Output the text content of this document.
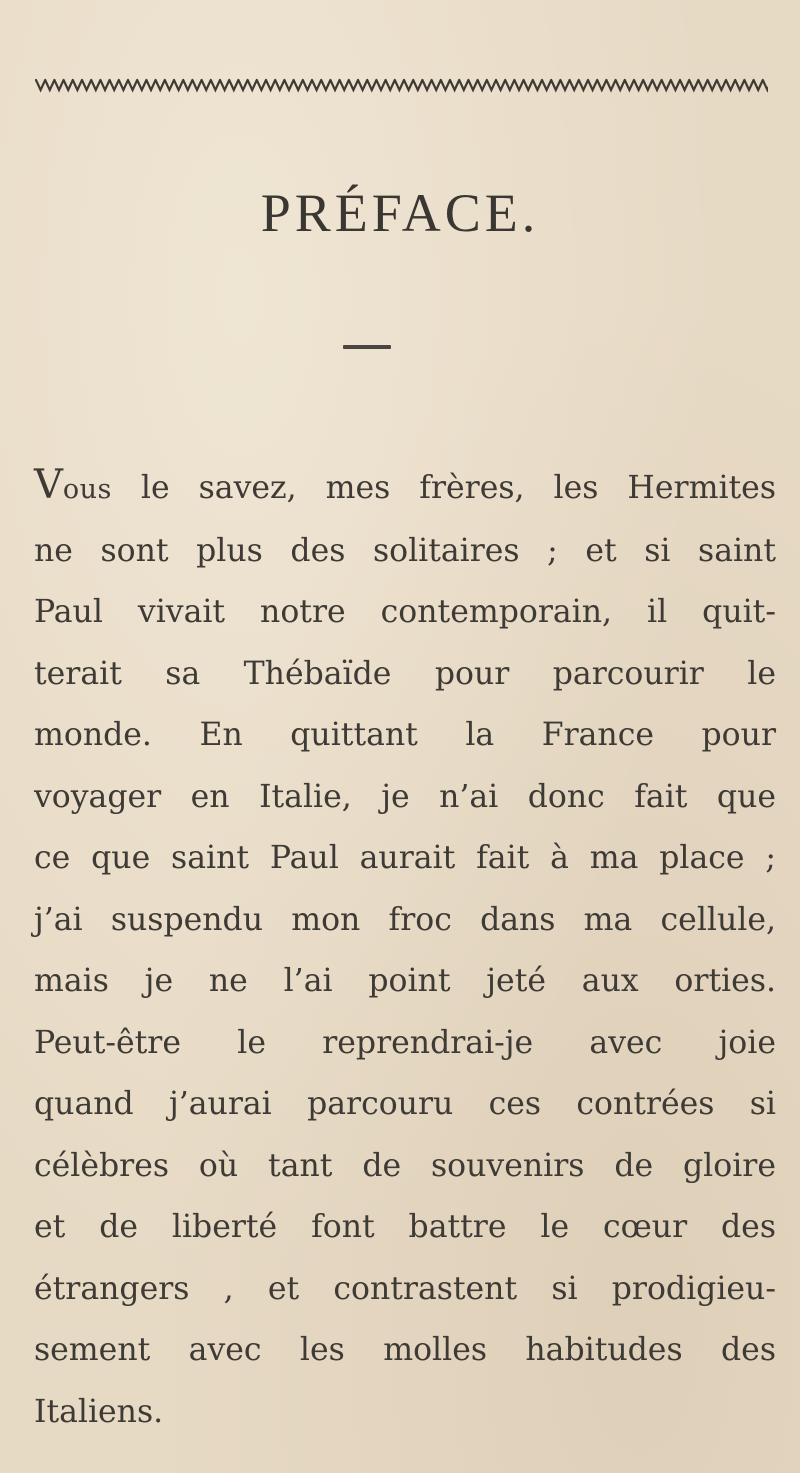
PRÉFACE.
Vous le savez, mes frères, les Hermites
ne sont plus des solitaires ; et si saint
Paul vivait notre contemporain, il quit-
terait sa Thébaïde pour parcourir le
monde. En quittant la France pour
voyager en Italie, je n’ai donc fait que
ce que saint Paul aurait fait à ma place ;
j’ai suspendu mon froc dans ma cellule,
mais je ne l’ai point jeté aux orties.
Peut-être le reprendrai-je avec joie
quand j’aurai parcouru ces contrées si
célèbres où tant de souvenirs de gloire
et de liberté font battre le cœur des
étrangers , et contrastent si prodigieu-
sement avec les molles habitudes des
Italiens.
